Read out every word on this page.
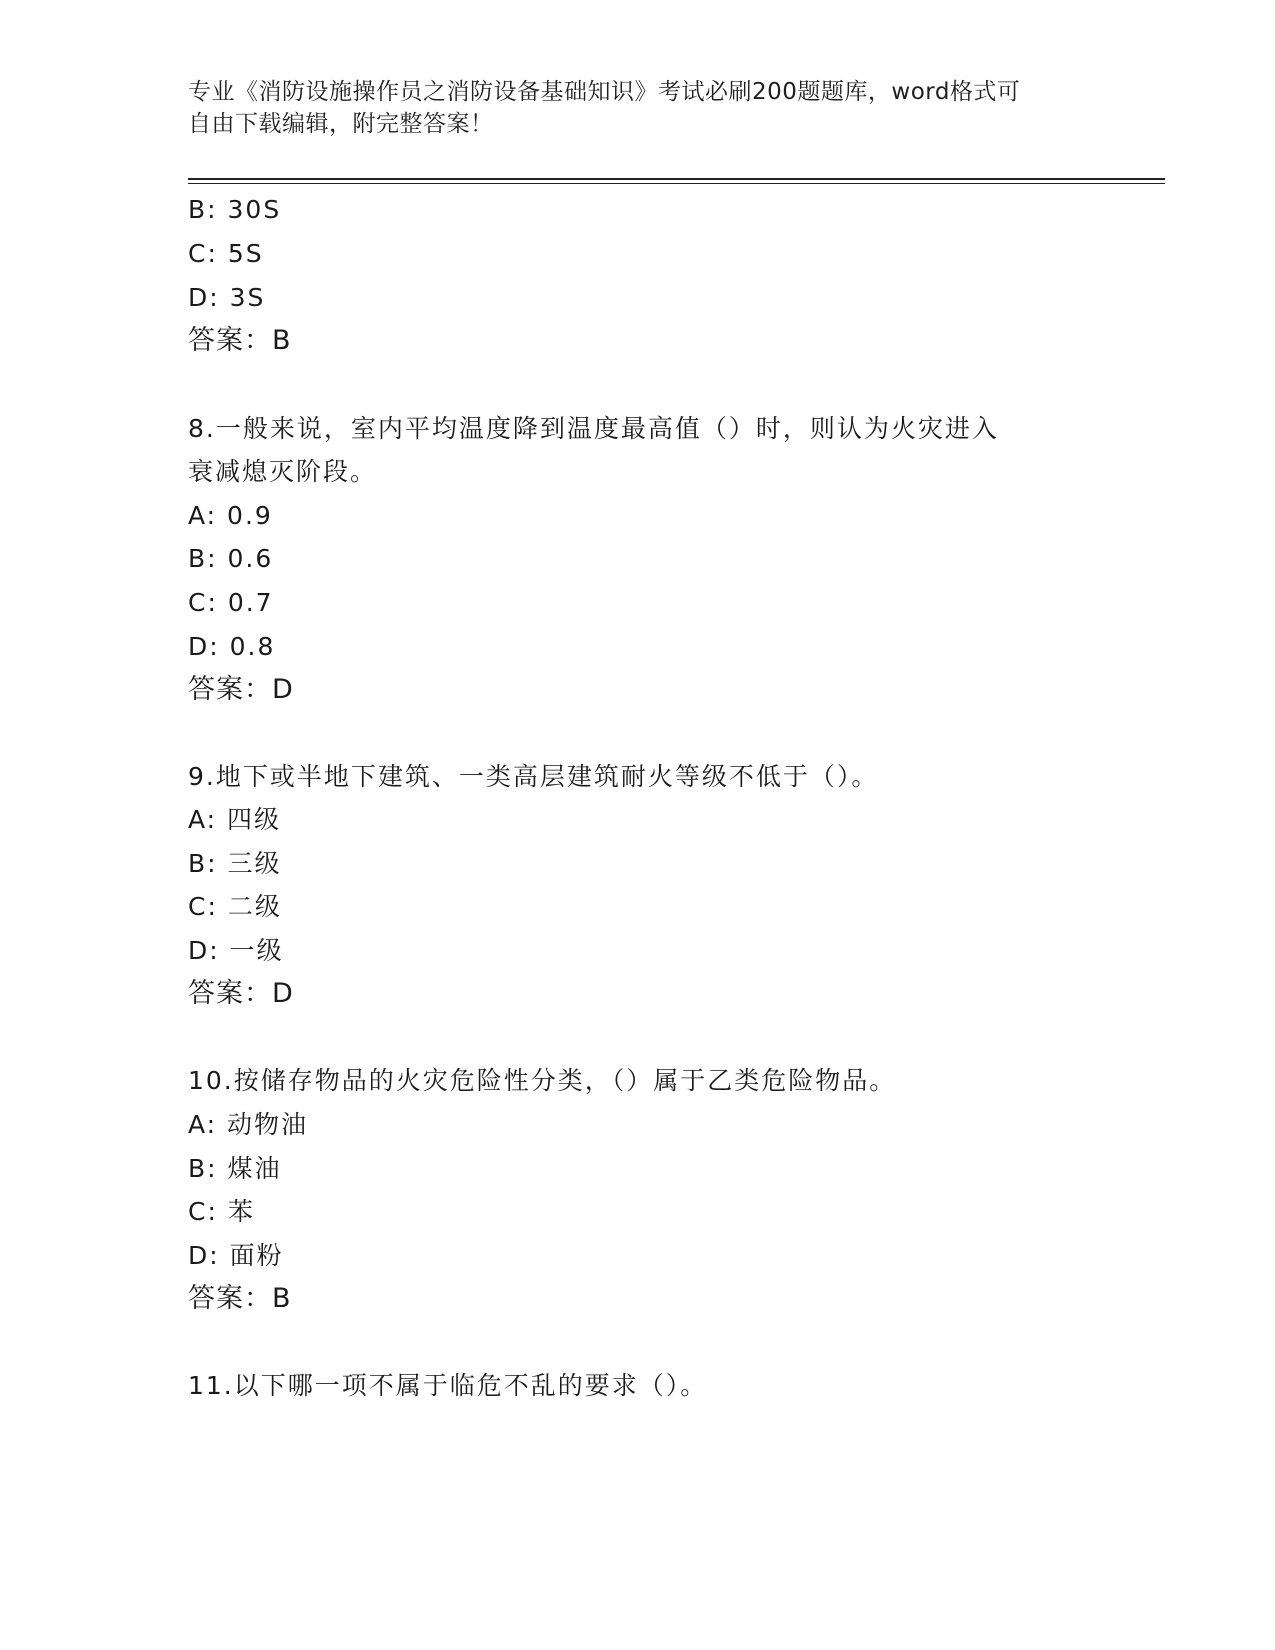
专业《消防设施操作员之消防设备基础知识》考试必刷200题题库，word格式可
自由下载编辑，附完整答案！
B: 30S
C: 5S
D: 3S
答案：B
8.一般来说，室内平均温度降到温度最高值（）时，则认为火灾进入
衰减熄灭阶段。
A: 0.9
B: 0.6
C: 0.7
D: 0.8
答案：D
9.地下或半地下建筑、一类高层建筑耐火等级不低于（）。
A: 四级
B: 三级
C: 二级
D: 一级
答案：D
10.按储存物品的火灾危险性分类，（）属于乙类危险物品。
A: 动物油
B: 煤油
C: 苯
D: 面粉
答案：B
11.以下哪一项不属于临危不乱的要求（）。
